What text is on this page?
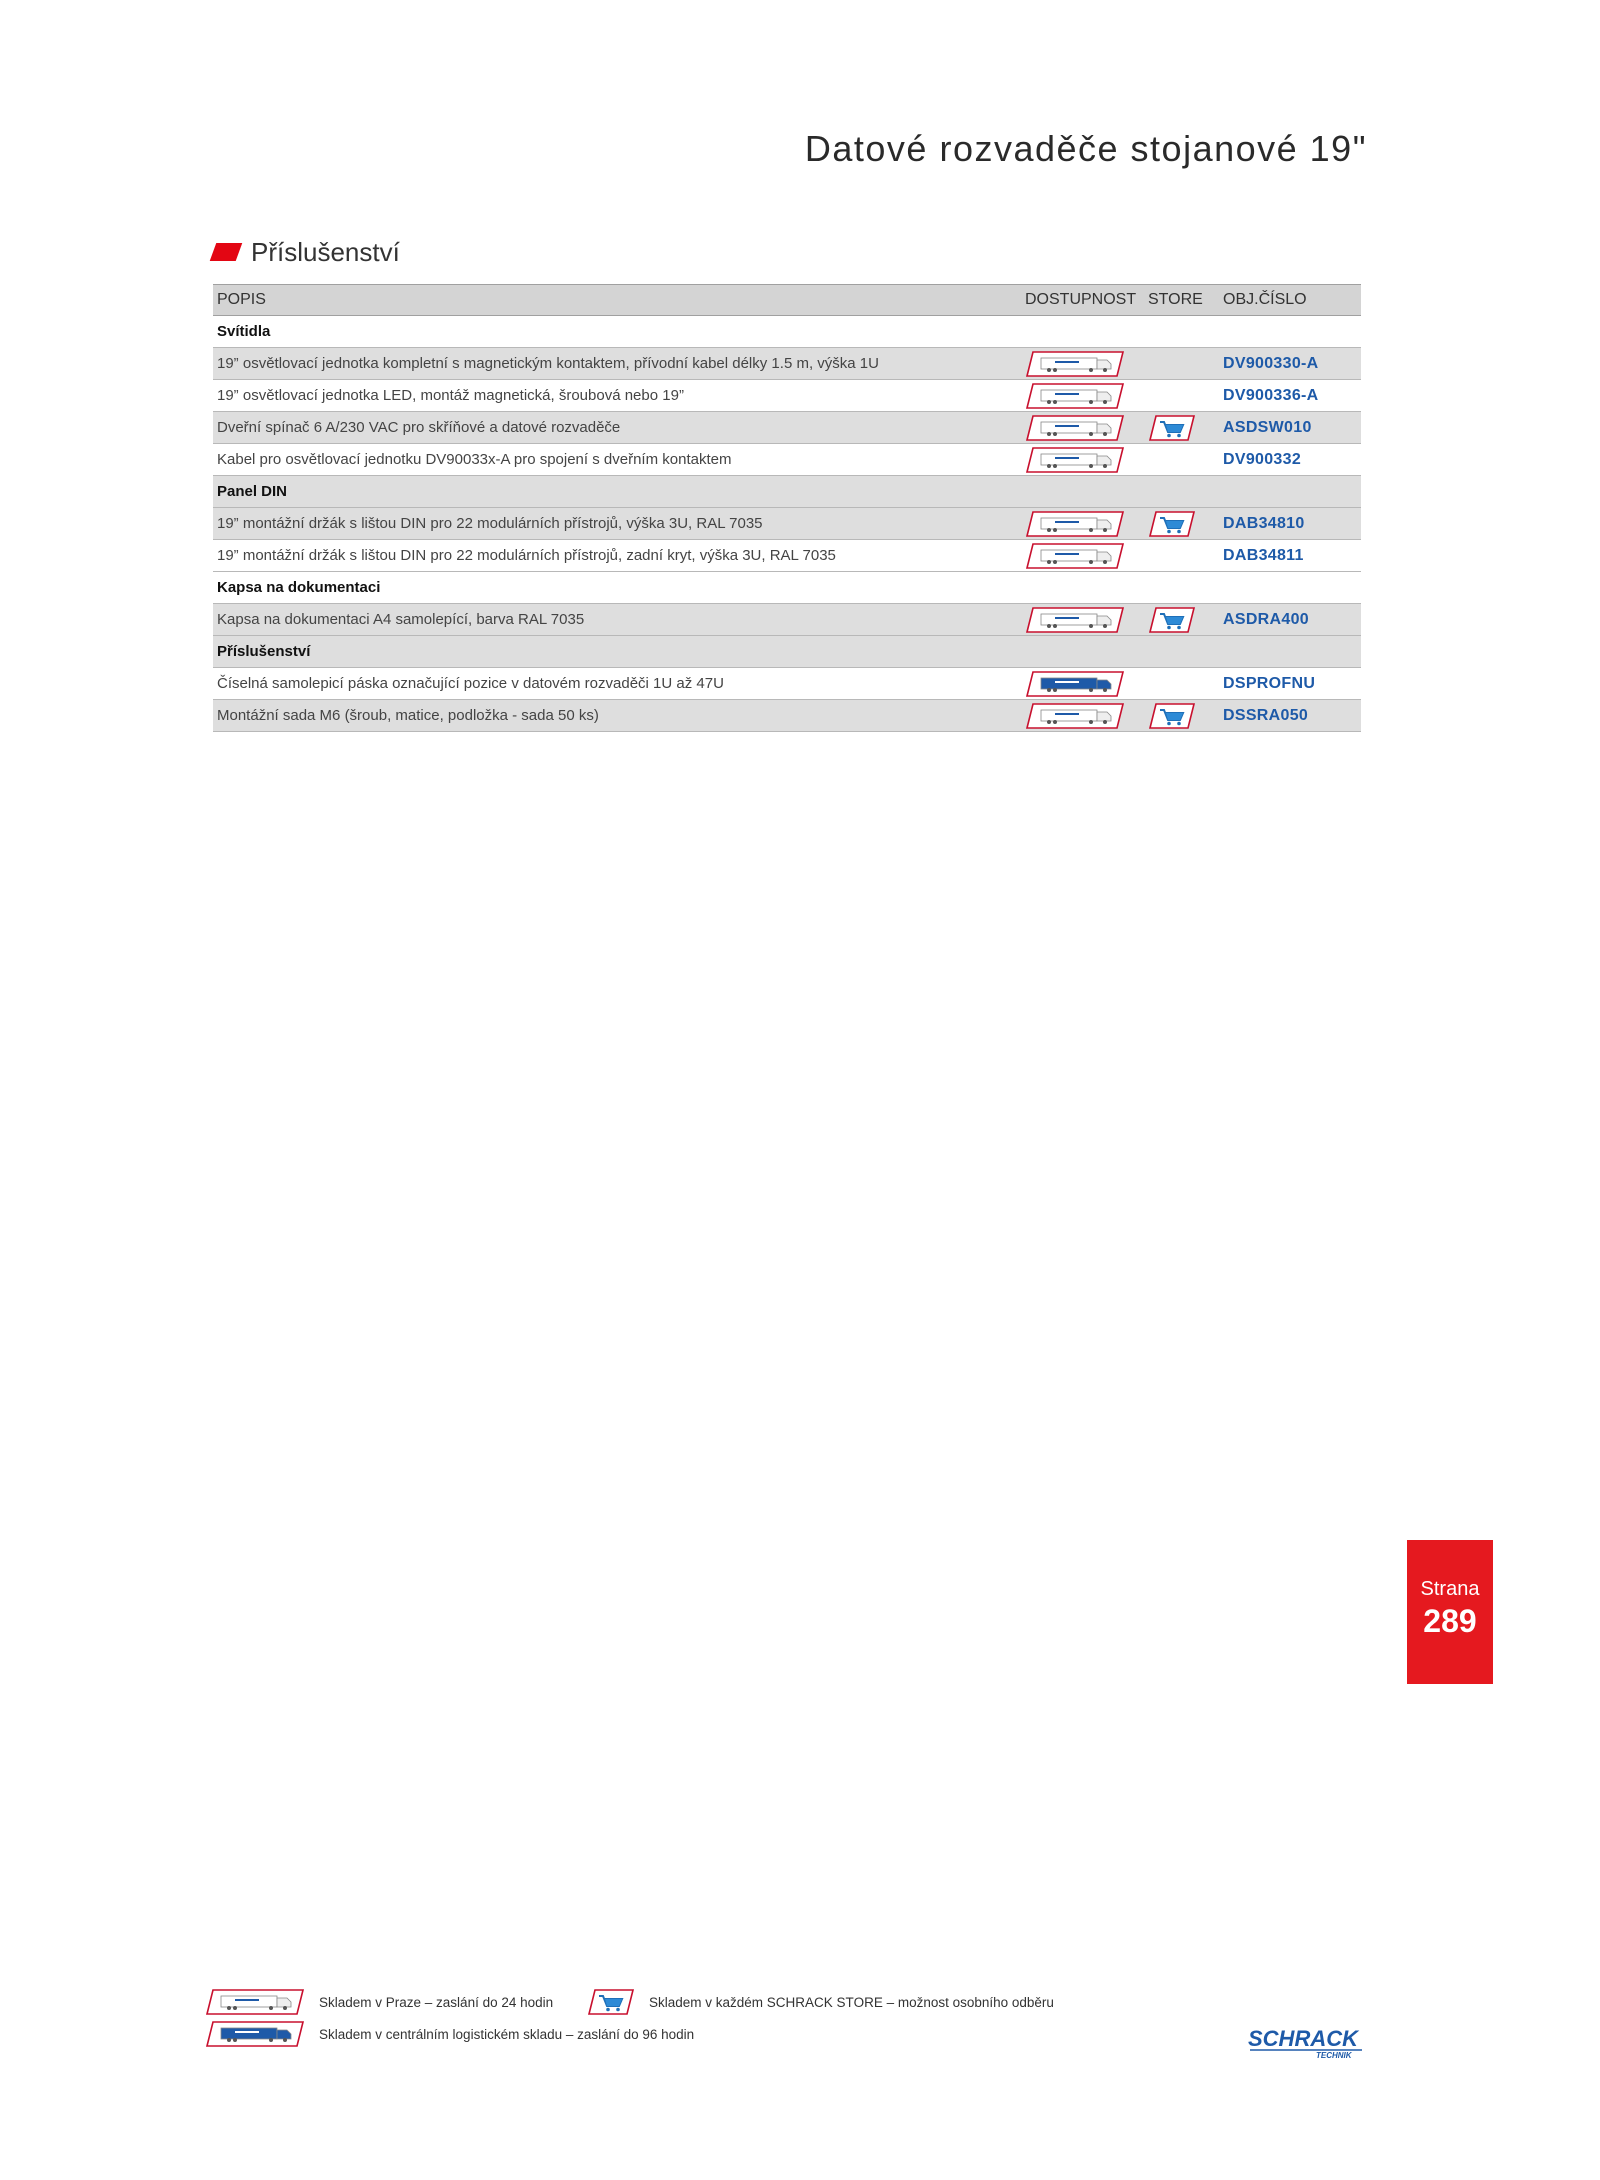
Datové rozvaděče stojanové 19"
Příslušenství
POPIS	DOSTUPNOST	STORE	OBJ.ČÍSLO
Svítidla			
19” osvětlovací jednotka kompletní s magnetickým kontaktem, přívodní kabel délky 1.5 m, výška 1U			DV900330-A
19” osvětlovací jednotka LED, montáž magnetická, šroubová nebo 19”			DV900336-A
Dveřní spínač 6 A/230 VAC pro skříňové a datové rozvaděče			ASDSW010
Kabel pro osvětlovací jednotku DV90033x-A pro spojení s dveřním kontaktem			DV900332
Panel DIN			
19” montážní držák s lištou DIN pro 22 modulárních přístrojů, výška 3U, RAL 7035			DAB34810
19” montážní držák s lištou DIN pro 22 modulárních přístrojů, zadní kryt, výška 3U, RAL 7035			DAB34811
Kapsa na dokumentaci			
Kapsa na dokumentaci A4 samolepící, barva RAL 7035			ASDRA400
Příslušenství			
Číselná samolepicí páska označující pozice v datovém rozvaděči 1U až 47U			DSPROFNU
Montážní sada M6 (šroub, matice, podložka - sada 50 ks)			DSSRA050
Strana
289
Skladem v Praze – zaslání do 24 hodin	Skladem v každém SCHRACK STORE – možnost osobního odběru
Skladem v centrálním logistickém skladu – zaslání do 96 hodin	SCHRACK
TECHNIK
